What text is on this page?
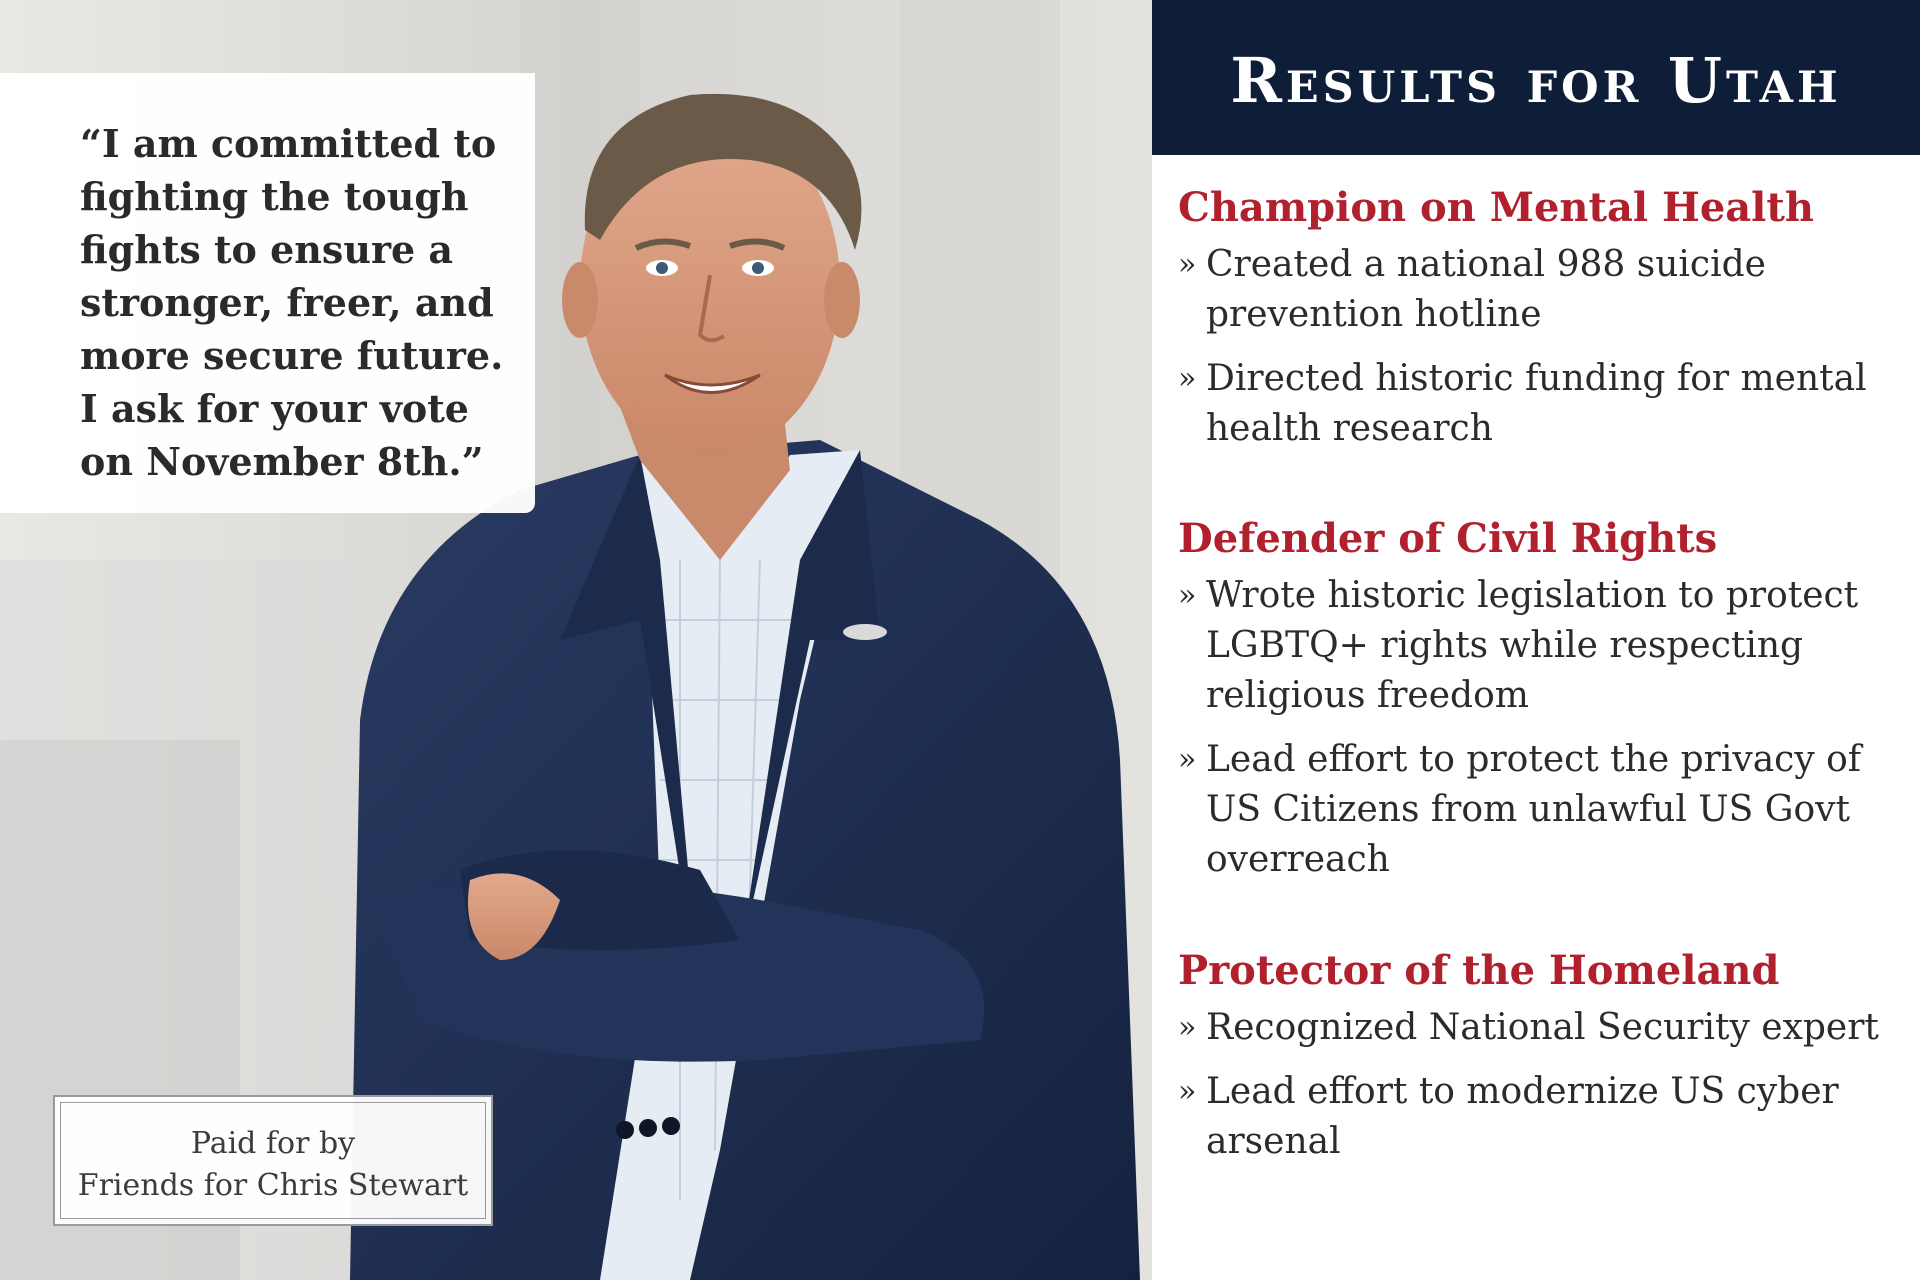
“I am committed to fighting the tough fights to ensure a stronger, freer, and more secure future. I ask for your vote on November 8th.”

Paid for by
Friends for Chris Stewart
Results for Utah
Champion on Mental Health
» Created a national 988 suicide prevention hotline
» Directed historic funding for mental health research
Defender of Civil Rights
» Wrote historic legislation to protect LGBTQ+ rights while respecting religious freedom
» Lead effort to protect the privacy of US Citizens from unlawful US Govt overreach
Protector of the Homeland
» Recognized National Security expert
» Lead effort to modernize US cyber arsenal
